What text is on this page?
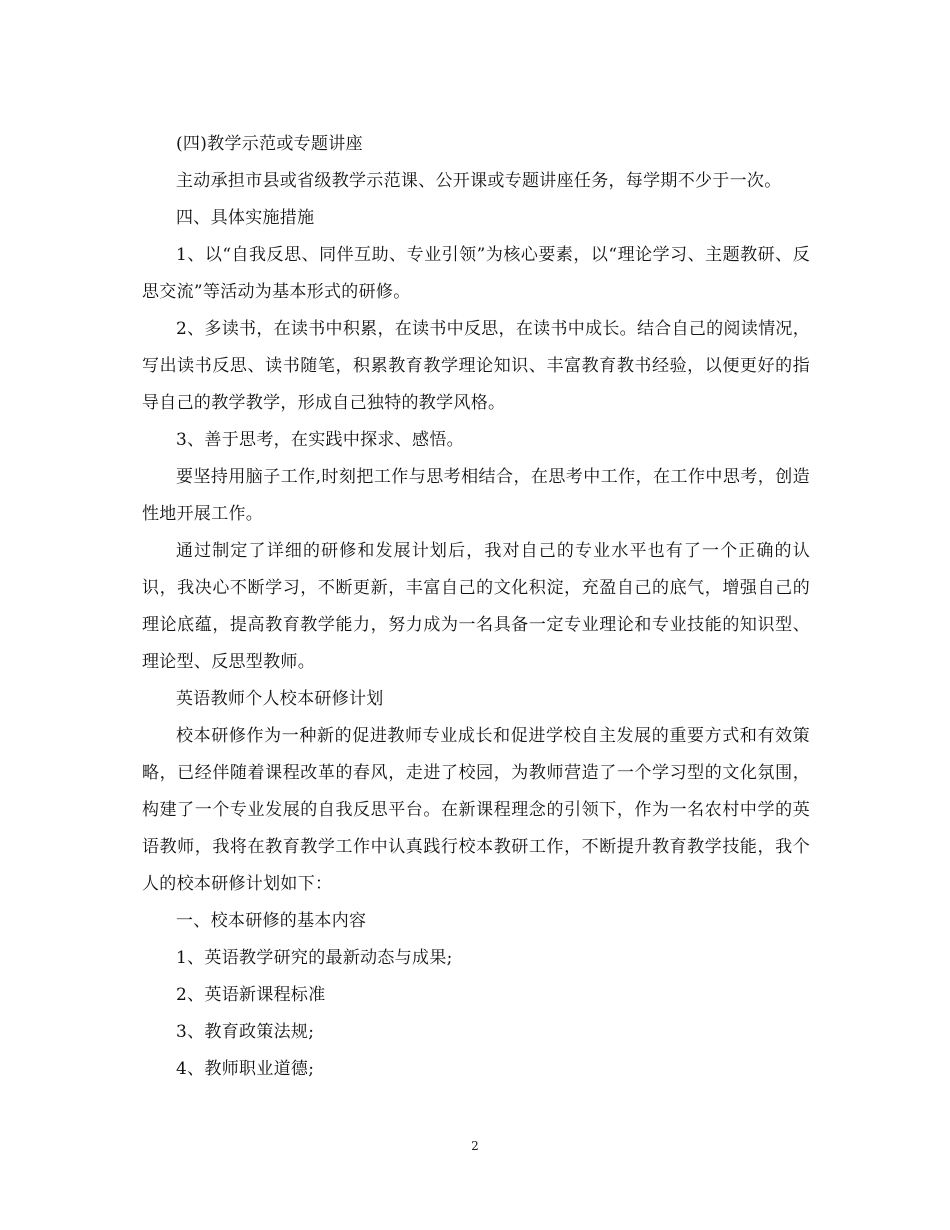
(四)教学示范或专题讲座

主动承担市县或省级教学示范课、公开课或专题讲座任务，每学期不少于一次。

四、具体实施措施

1、以“自我反思、同伴互助、专业引领”为核心要素，以“理论学习、主题教研、反思交流”等活动为基本形式的研修。

2、多读书，在读书中积累，在读书中反思，在读书中成长。结合自己的阅读情况，写出读书反思、读书随笔，积累教育教学理论知识、丰富教育教书经验，以便更好的指导自己的教学教学，形成自己独特的教学风格。

3、善于思考，在实践中探求、感悟。

要坚持用脑子工作,时刻把工作与思考相结合，在思考中工作，在工作中思考，创造性地开展工作。

通过制定了详细的研修和发展计划后，我对自己的专业水平也有了一个正确的认识，我决心不断学习，不断更新，丰富自己的文化积淀，充盈自己的底气，增强自己的理论底蕴，提高教育教学能力，努力成为一名具备一定专业理论和专业技能的知识型、理论型、反思型教师。

英语教师个人校本研修计划

校本研修作为一种新的促进教师专业成长和促进学校自主发展的重要方式和有效策略，已经伴随着课程改革的春风，走进了校园，为教师营造了一个学习型的文化氛围，构建了一个专业发展的自我反思平台。在新课程理念的引领下，作为一名农村中学的英语教师，我将在教育教学工作中认真践行校本教研工作，不断提升教育教学技能，我个人的校本研修计划如下：

一、校本研修的基本内容

1、英语教学研究的最新动态与成果;

2、英语新课程标准

3、教育政策法规;

4、教师职业道德;

2
